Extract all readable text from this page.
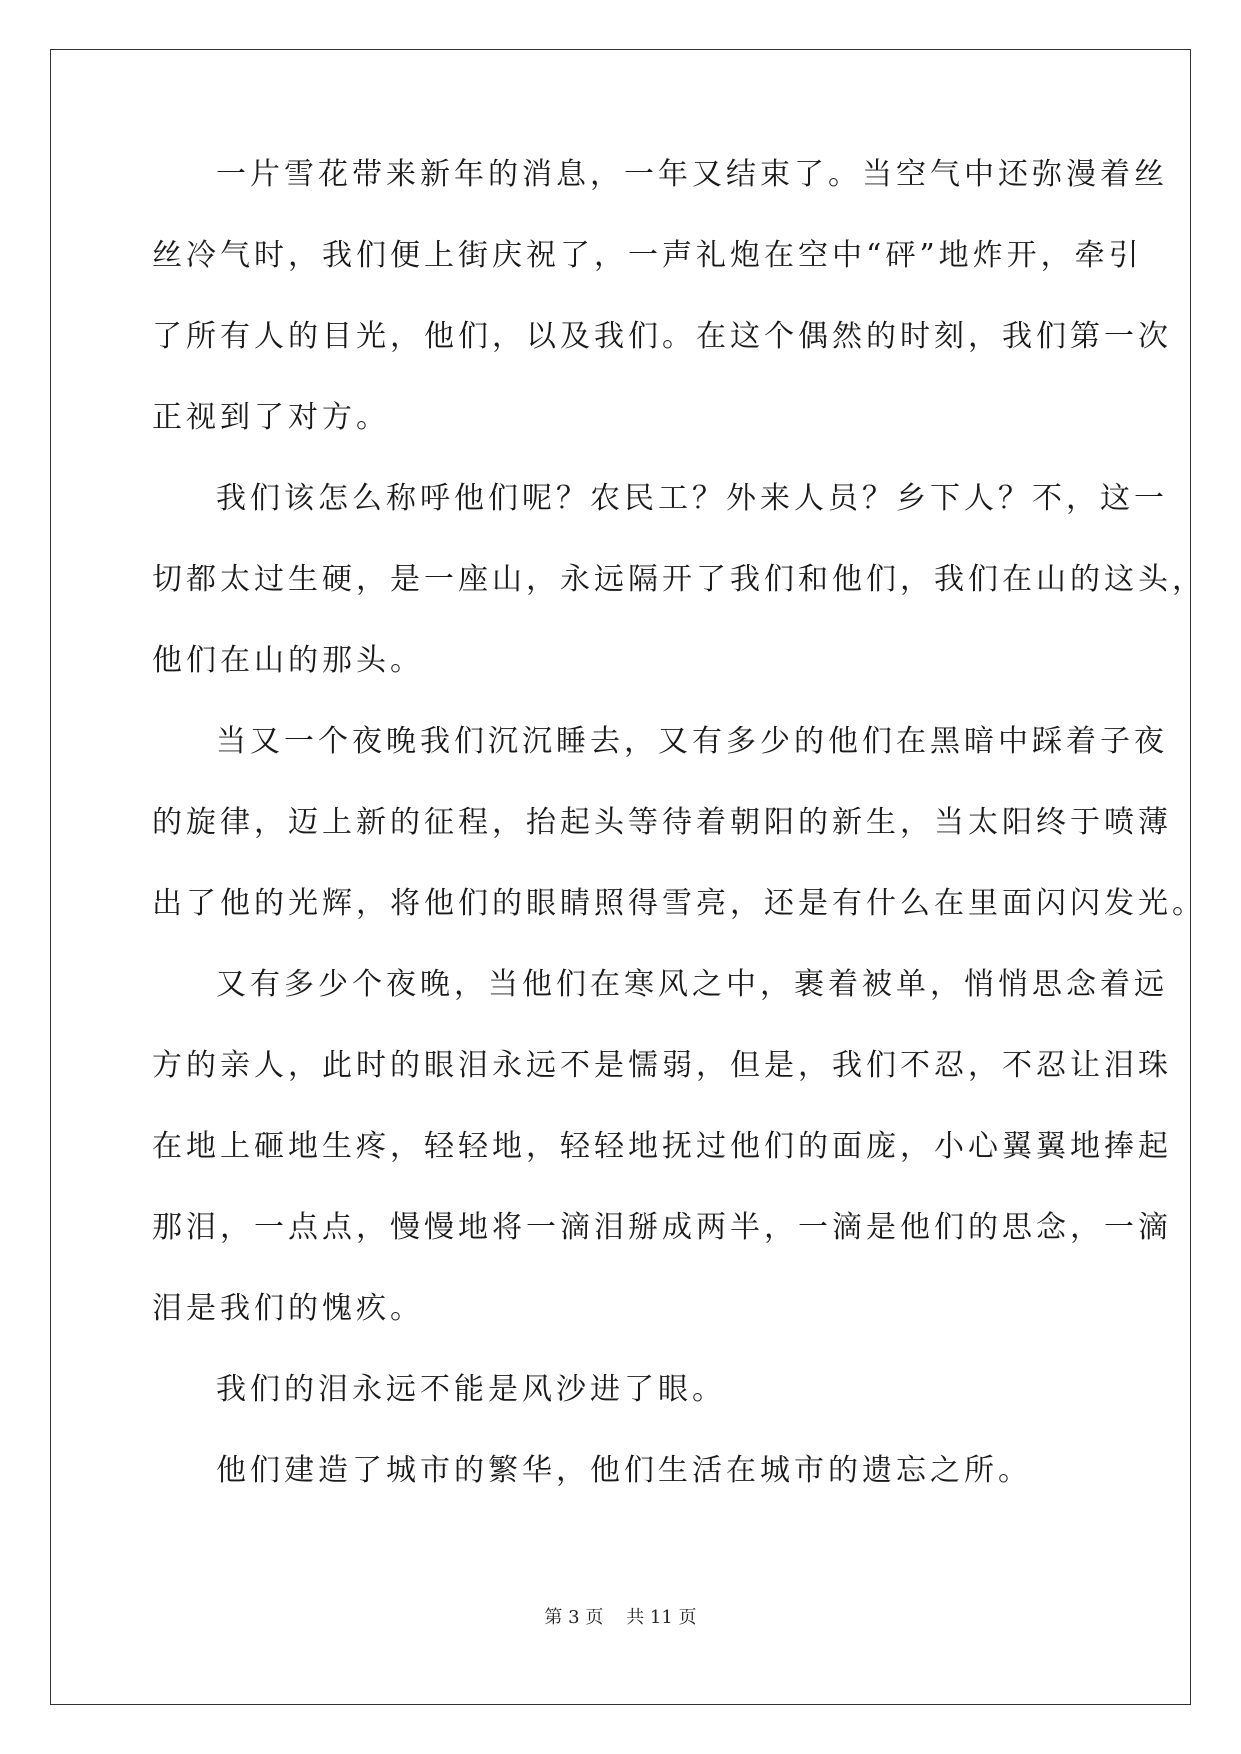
一片雪花带来新年的消息，一年又结束了。当空气中还弥漫着丝
丝冷气时，我们便上街庆祝了，一声礼炮在空中“砰”地炸开，牵引
了所有人的目光，他们，以及我们。在这个偶然的时刻，我们第一次
正视到了对方。
我们该怎么称呼他们呢？农民工？外来人员？乡下人？不，这一
切都太过生硬，是一座山，永远隔开了我们和他们，我们在山的这头，
他们在山的那头。
当又一个夜晚我们沉沉睡去，又有多少的他们在黑暗中踩着子夜
的旋律，迈上新的征程，抬起头等待着朝阳的新生，当太阳终于喷薄
出了他的光辉，将他们的眼睛照得雪亮，还是有什么在里面闪闪发光。
又有多少个夜晚，当他们在寒风之中，裹着被单，悄悄思念着远
方的亲人，此时的眼泪永远不是懦弱，但是，我们不忍，不忍让泪珠
在地上砸地生疼，轻轻地，轻轻地抚过他们的面庞，小心翼翼地捧起
那泪，一点点，慢慢地将一滴泪掰成两半，一滴是他们的思念，一滴
泪是我们的愧疚。
我们的泪永远不能是风沙进了眼。
他们建造了城市的繁华，他们生活在城市的遗忘之所。
第 3 页    共 11 页
